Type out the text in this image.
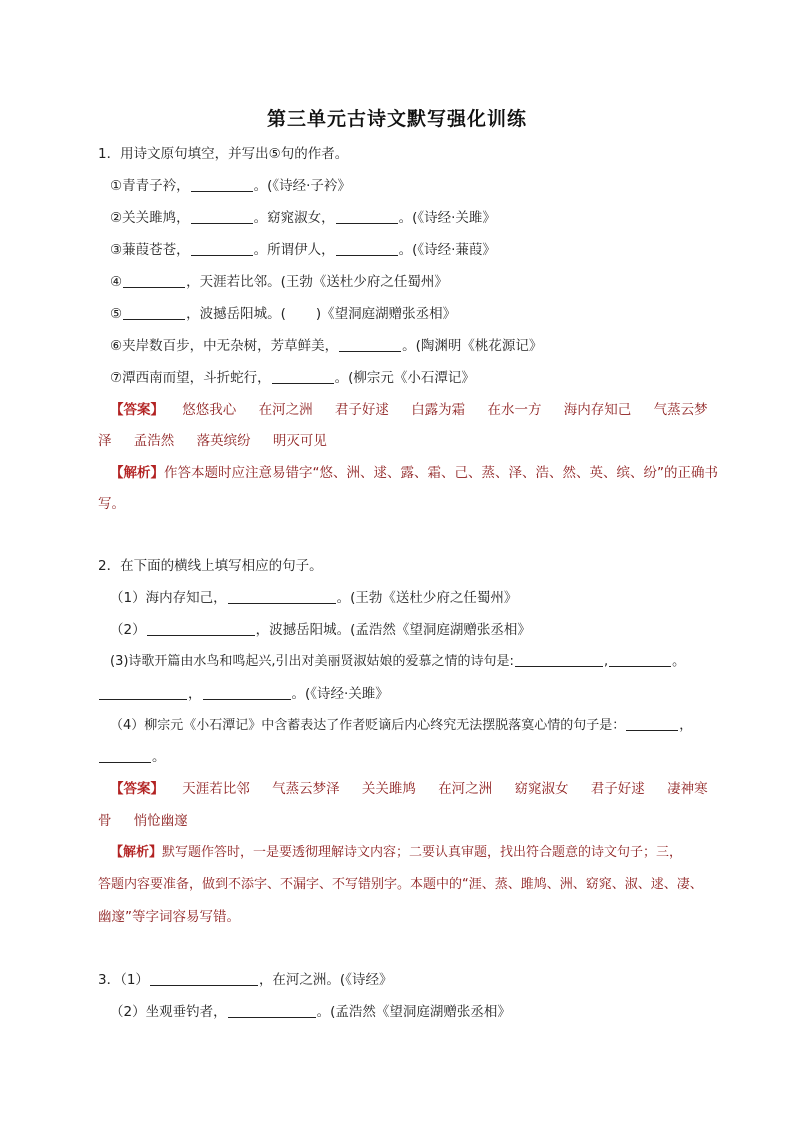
第三单元古诗文默写强化训练
1．用诗文原句填空，并写出⑤句的作者。
①青青子衿，	。(《诗经·子衿》
②关关雎鸠，	。窈窕淑女，	。(《诗经·关雎》
③蒹葭苍苍，	。所谓伊人，	。(《诗经·蒹葭》
④	，天涯若比邻。(王勃《送杜少府之任蜀州》
⑤	，波撼岳阳城。( )《望洞庭湖赠张丞相》
⑥夹岸数百步，中无杂树，芳草鲜美，	。(陶渊明《桃花源记》
⑦潭西南而望，斗折蛇行，	。(柳宗元《小石潭记》
【答案】 悠悠我心 在河之洲 君子好逑 白露为霜 在水一方 海内存知己 气蒸云梦
泽 孟浩然 落英缤纷 明灭可见
【解析】作答本题时应注意易错字“悠、洲、逑、露、霜、己、蒸、泽、浩、然、英、缤、纷”的正确书
写。
2．在下面的横线上填写相应的句子。
（1）海内存知己，	。(王勃《送杜少府之任蜀州》
（2）	，波撼岳阳城。(孟浩然《望洞庭湖赠张丞相》
(3)诗歌开篇由水鸟和鸣起兴,引出对美丽贤淑姑娘的爱慕之情的诗句是:	,	。
，	。(《诗经·关雎》
（4）柳宗元《小石潭记》中含蓄表达了作者贬谪后内心终究无法摆脱落寞心情的句子是：	，
。
【答案】 天涯若比邻 气蒸云梦泽 关关雎鸠 在河之洲 窈窕淑女 君子好逑 凄神寒
骨 悄怆幽邃
【解析】默写题作答时，一是要透彻理解诗文内容；二要认真审题，找出符合题意的诗文句子；三，
答题内容要准备，做到不添字、不漏字、不写错别字。本题中的“涯、蒸、雎鸠、洲、窈窕、淑、逑、凄、
幽邃”等字词容易写错。
3．（1）	，在河之洲。(《诗经》
（2）坐观垂钓者，	。(孟浩然《望洞庭湖赠张丞相》
